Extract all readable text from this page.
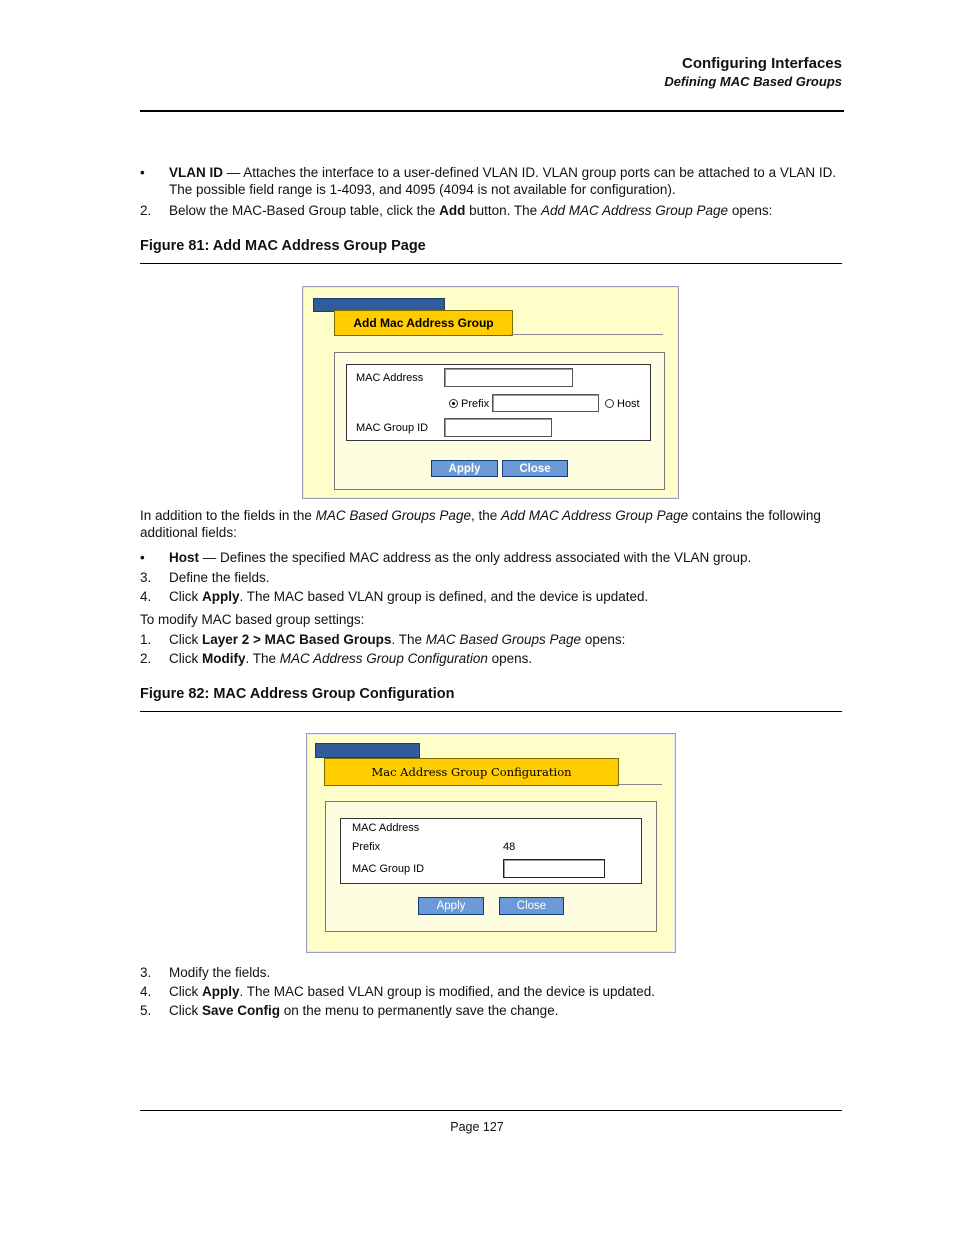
Configuring Interfaces
Defining MAC Based Groups
•	VLAN ID — Attaches the interface to a user-defined VLAN ID. VLAN group ports can be attached to a VLAN ID. The possible field range is 1-4093, and 4095 (4094 is not available for configuration).
2.	Below the MAC-Based Group table, click the Add button. The Add MAC Address Group Page opens:
Figure 81: Add MAC Address Group Page
Add Mac Address Group
MAC Address
Prefix	Host
MAC Group ID
Apply	Close
In addition to the fields in the MAC Based Groups Page, the Add MAC Address Group Page contains the following additional fields:
•	Host — Defines the specified MAC address as the only address associated with the VLAN group.
3.	Define the fields.
4.	Click Apply. The MAC based VLAN group is defined, and the device is updated.
To modify MAC based group settings:
1.	Click Layer 2 > MAC Based Groups. The MAC Based Groups Page opens:
2.	Click Modify. The MAC Address Group Configuration opens.
Figure 82: MAC Address Group Configuration
Mac Address Group Configuration
MAC Address
Prefix	48
MAC Group ID
Apply	Close
3.	Modify the fields.
4.	Click Apply. The MAC based VLAN group is modified, and the device is updated.
5.	Click Save Config on the menu to permanently save the change.
Page 127
